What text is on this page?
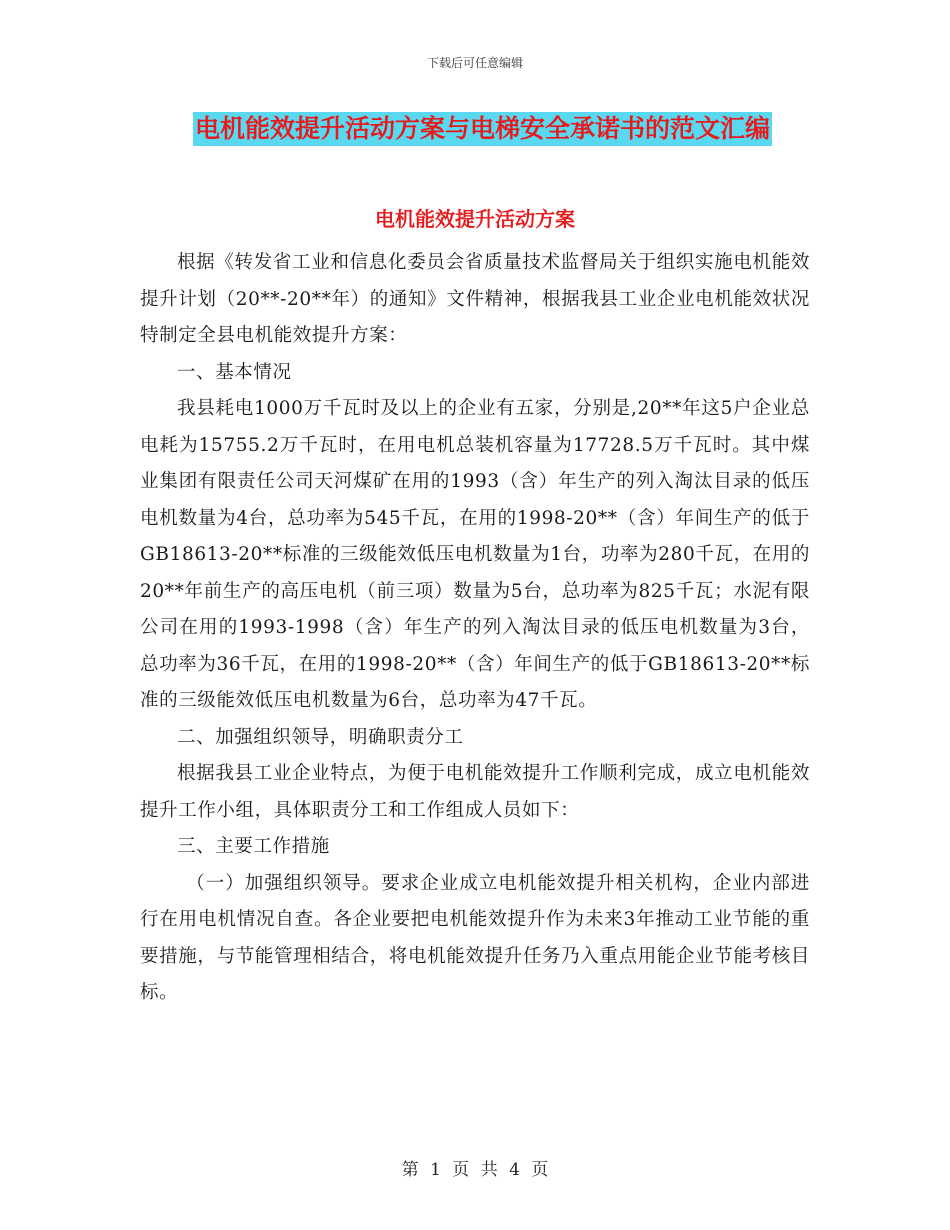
下载后可任意编辑
电机能效提升活动方案与电梯安全承诺书的范文汇编
电机能效提升活动方案

根据《转发省工业和信息化委员会省质量技术监督局关于组织实施电机能效提升计划（20**-20**年）的通知》文件精神，根据我县工业企业电机能效状况特制定全县电机能效提升方案：

一、基本情况

我县耗电1000万千瓦时及以上的企业有五家，分别是,20**年这5户企业总电耗为15755.2万千瓦时，在用电机总装机容量为17728.5万千瓦时。其中煤业集团有限责任公司天河煤矿在用的1993（含）年生产的列入淘汰目录的低压电机数量为4台，总功率为545千瓦，在用的1998-20**（含）年间生产的低于GB18613-20**标准的三级能效低压电机数量为1台，功率为280千瓦，在用的20**年前生产的高压电机（前三项）数量为5台，总功率为825千瓦；水泥有限公司在用的1993-1998（含）年生产的列入淘汰目录的低压电机数量为3台，总功率为36千瓦，在用的1998-20**（含）年间生产的低于GB18613-20**标准的三级能效低压电机数量为6台，总功率为47千瓦。

二、加强组织领导，明确职责分工

根据我县工业企业特点，为便于电机能效提升工作顺利完成，成立电机能效提升工作小组，具体职责分工和工作组成人员如下：

三、主要工作措施

（一）加强组织领导。要求企业成立电机能效提升相关机构，企业内部进行在用电机情况自查。各企业要把电机能效提升作为未来3年推动工业节能的重要措施，与节能管理相结合，将电机能效提升任务乃入重点用能企业节能考核目标。

第 1 页 共 4 页
